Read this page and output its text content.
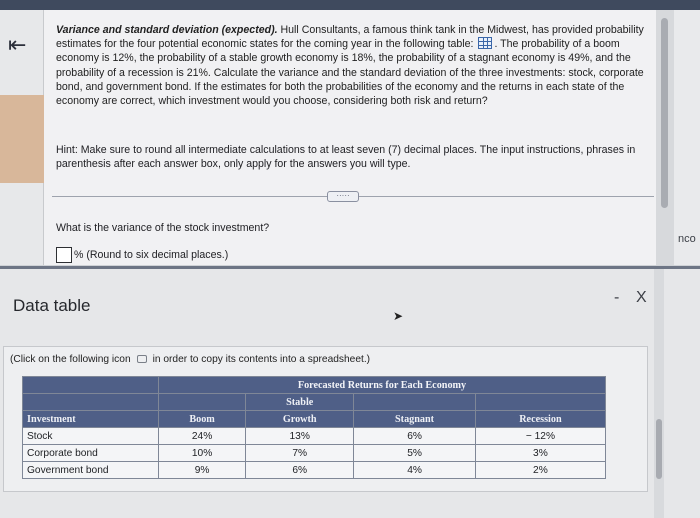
⇤
Variance and standard deviation (expected). Hull Consultants, a famous think tank in the Midwest, has provided probability estimates for the four potential economic states for the coming year in the following table: . The probability of a boom economy is 12%, the probability of a stable growth economy is 18%, the probability of a stagnant economy is 49%, and the probability of a recession is 21%. Calculate the variance and the standard deviation of the three investments: stock, corporate bond, and government bond. If the estimates for both the probabilities of the economy and the returns in each state of the economy are correct, which investment would you choose, considering both risk and return?
Hint: Make sure to round all intermediate calculations to at least seven (7) decimal places. The input instructions, phrases in parenthesis after each answer box, only apply for the answers you will type.
·····
What is the variance of the stock investment?
% (Round to six decimal places.)
nco
Data table	- X
➤
(Click on the following icon in order to copy its contents into a spreadsheet.)
	Forecasted Returns for Each Economy			
		Stable		
Investment	Boom	Growth	Stagnant	Recession
Stock	24%	13%	6%	− 12%
Corporate bond	10%	7%	5%	3%
Government bond	9%	6%	4%	2%
